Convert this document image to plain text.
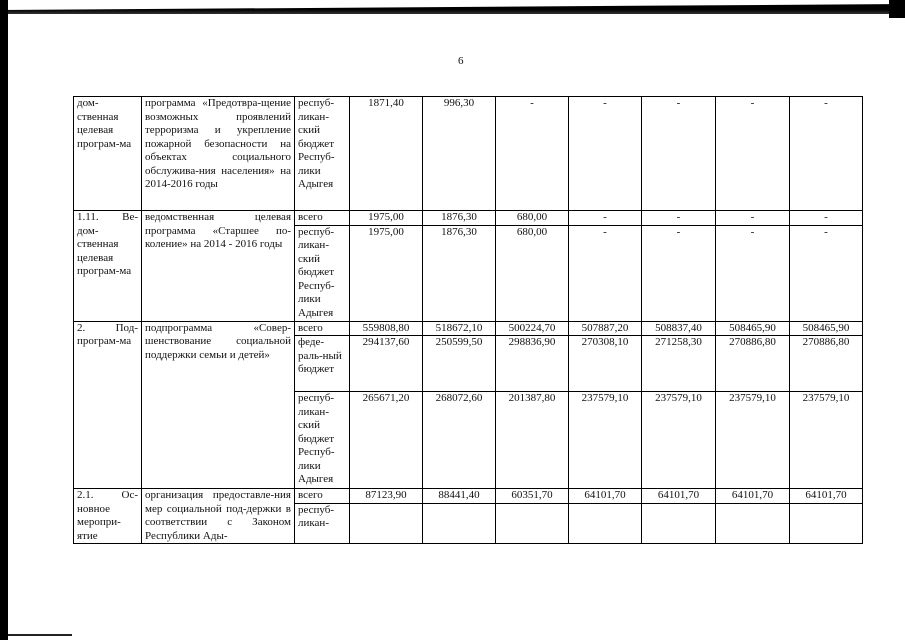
6
дом-ственная целевая програм-ма	программа «Предотвра-щение возможных проявлений терроризма и укрепление пожарной безопасности на объектах социального обслужива-ния населения» на 2014-2016 годы	респуб-ликан-ский бюджет Респуб-лики Адыгея	1871,40	996,30	-	-	-	-	-
1.11. Ве-дом-ственная целевая програм-ма	ведомственная целевая программа «Старшее по-коление» на 2014 - 2016 годы	всего	1975,00	1876,30	680,00	-	-	-	-
		респуб-ликан-ский бюджет Респуб-лики Адыгея	1975,00	1876,30	680,00	-	-	-	-
2. Под-програм-ма	подпрограмма «Совер-шенствование социальной поддержки семьи и детей»	всего	559808,80	518672,10	500224,70	507887,20	508837,40	508465,90	508465,90
		феде-раль-ный бюджет	294137,60	250599,50	298836,90	270308,10	271258,30	270886,80	270886,80
		респуб-ликан-ский бюджет Респуб-лики Адыгея	265671,20	268072,60	201387,80	237579,10	237579,10	237579,10	237579,10
2.1. Ос-новное меропри-ятие	организация предоставле-ния мер социальной под-держки в соответствии с Законом Республики Ады-	всего	87123,90	88441,40	60351,70	64101,70	64101,70	64101,70	64101,70
		респуб-ликан-							
